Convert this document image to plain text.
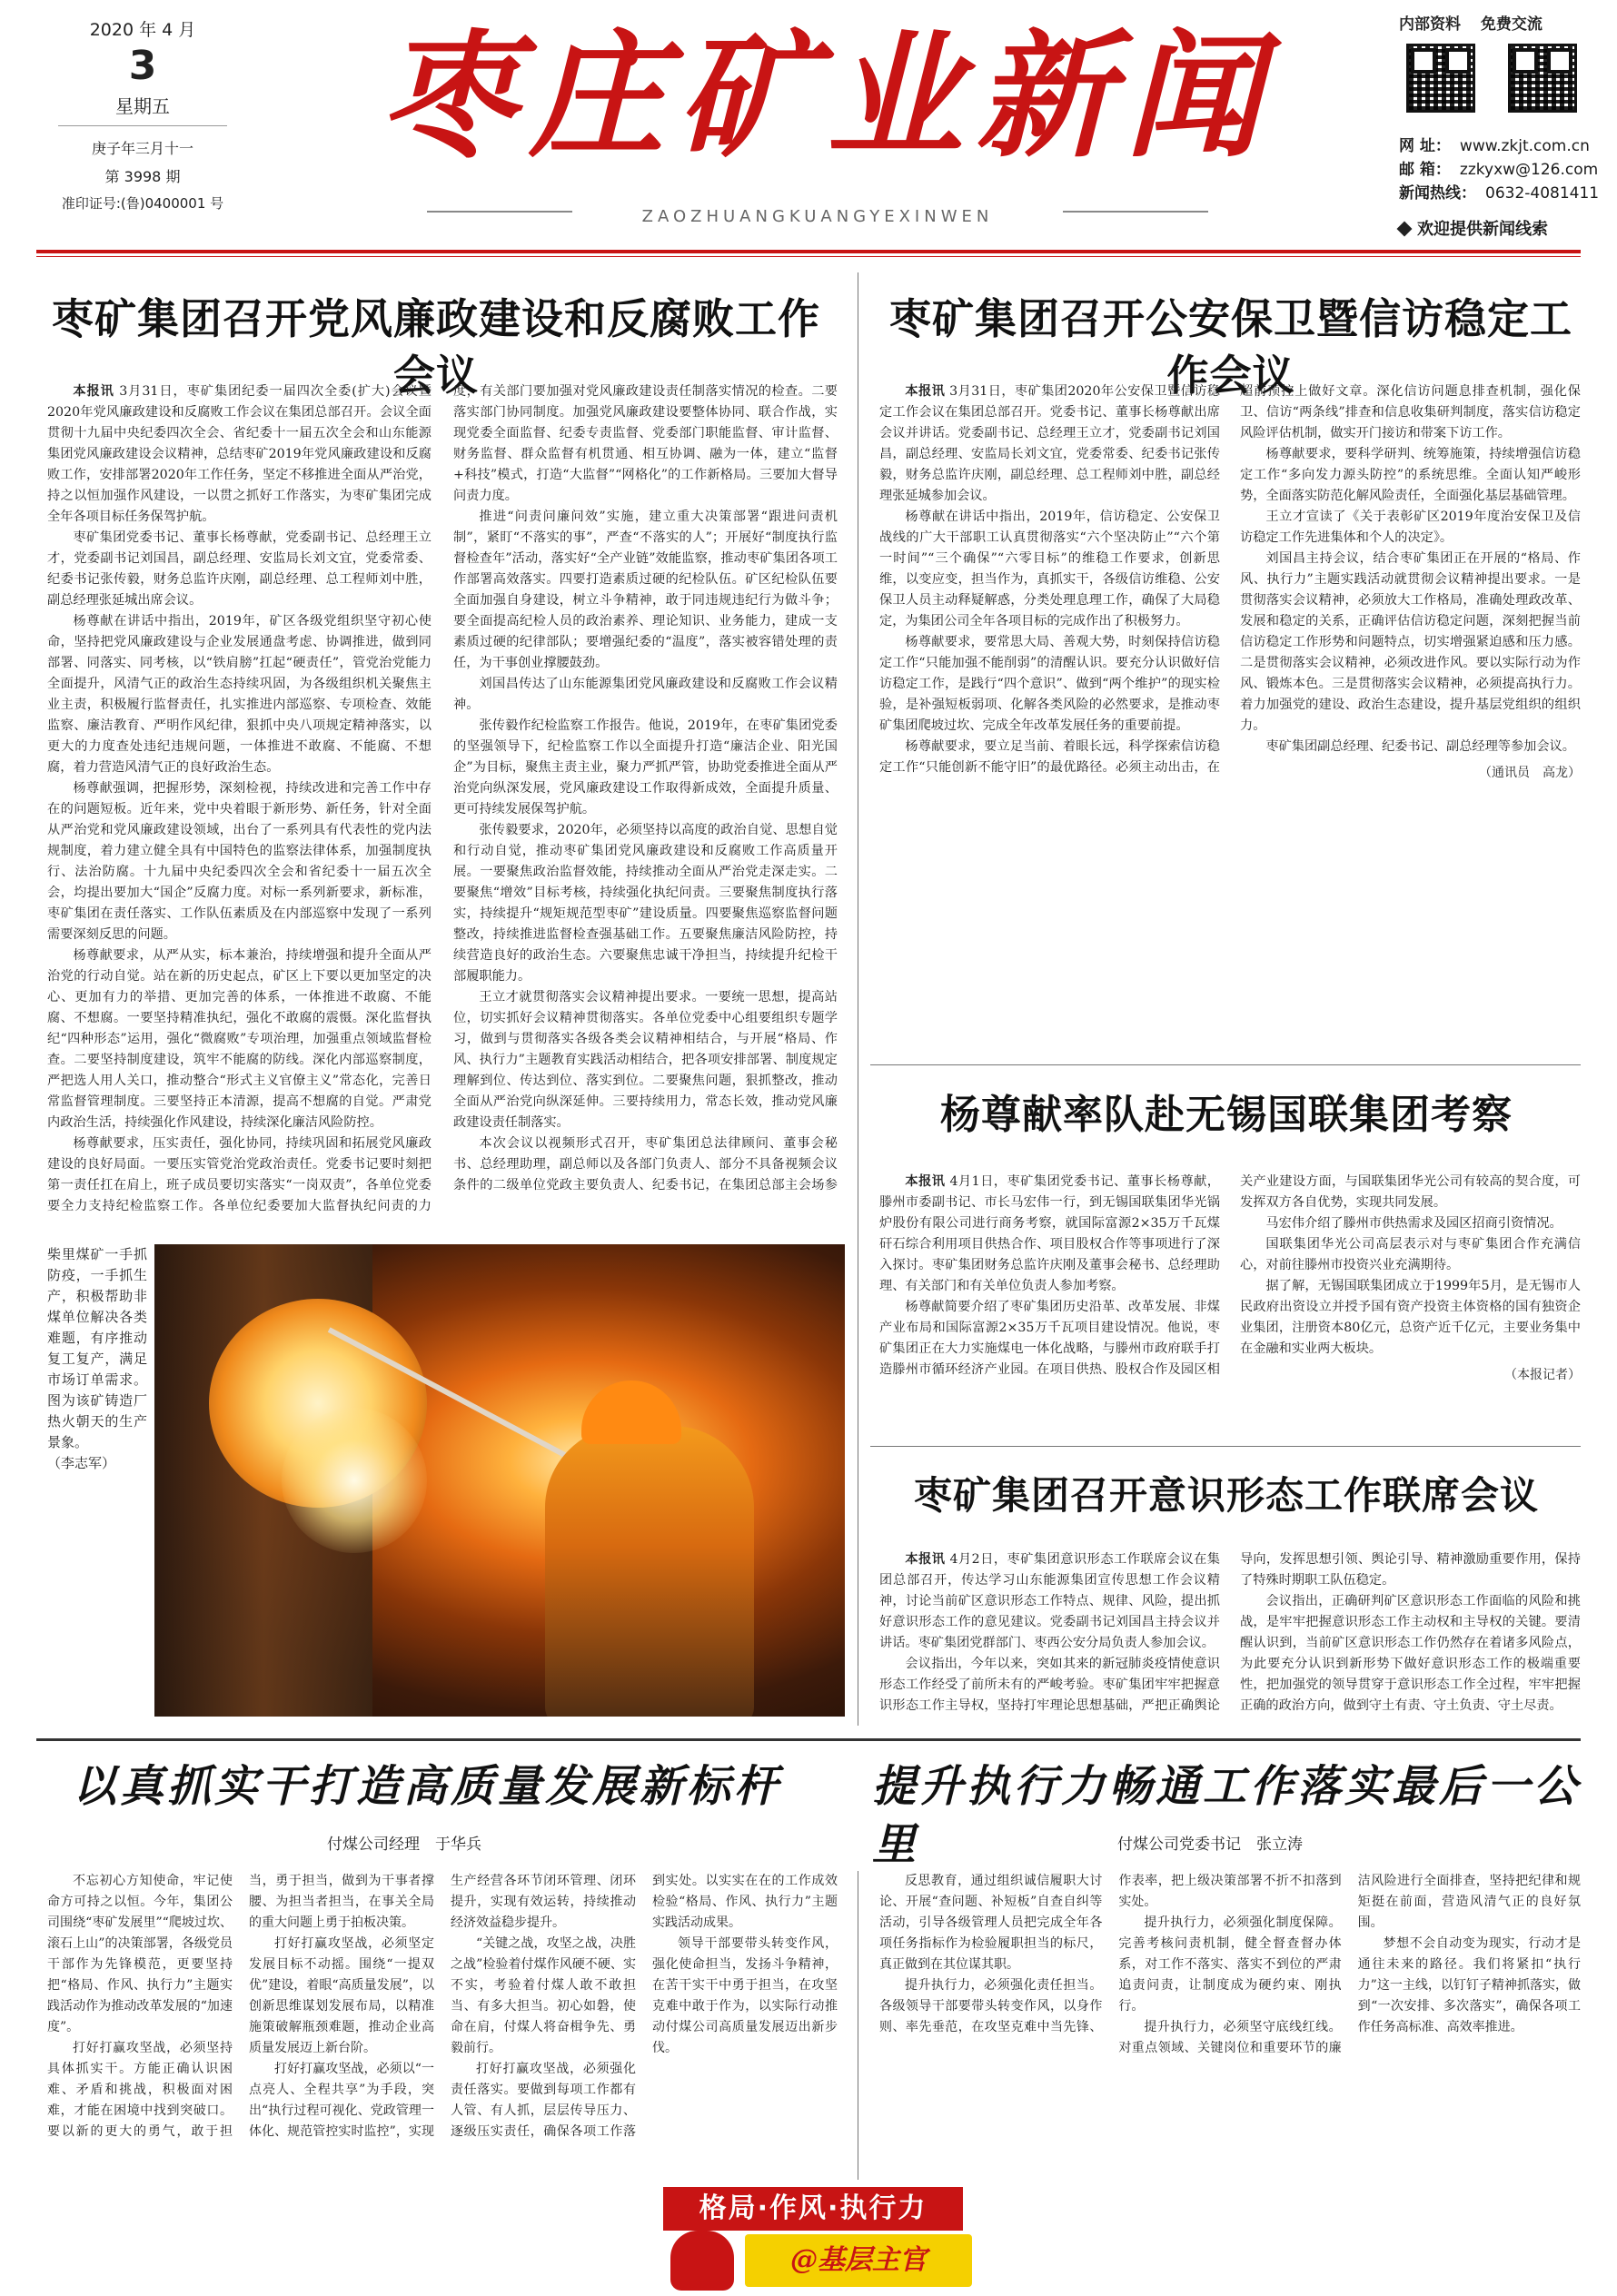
2020 年 4 月
3
星期五
庚子年三月十一
第 3998 期
准印证号:(鲁)0400001 号
枣庄矿业新闻
ZAOZHUANGKUANGYEXINWEN
内部资料 免费交流
网 址： www.zkjt.com.cn
邮 箱： zzkyxw@126.com
新闻热线： 0632-4081411
欢迎提供新闻线索
枣矿集团召开党风廉政建设和反腐败工作会议

本报讯 3月31日，枣矿集团纪委一届四次全委(扩大)会议暨2020年党风廉政建设和反腐败工作会议在集团总部召开。会议全面贯彻十九届中央纪委四次全会、省纪委十一届五次全会和山东能源集团党风廉政建设会议精神，总结枣矿2019年党风廉政建设和反腐败工作，安排部署2020年工作任务，坚定不移推进全面从严治党，持之以恒加强作风建设，一以贯之抓好工作落实，为枣矿集团完成全年各项目标任务保驾护航。

枣矿集团党委书记、董事长杨尊献，党委副书记、总经理王立才，党委副书记刘国昌，副总经理、安监局长刘文宜，党委常委、纪委书记张传毅，财务总监许庆刚，副总经理、总工程师刘中胜，副总经理张延城出席会议。

杨尊献在讲话中指出，2019年，矿区各级党组织坚守初心使命，坚持把党风廉政建设与企业发展通盘考虑、协调推进，做到同部署、同落实、同考核，以“铁肩膀”扛起“硬责任”，管党治党能力全面提升，风清气正的政治生态持续巩固，为各级组织机关聚焦主业主责，积极履行监督责任，扎实推进内部巡察、专项检查、效能监察、廉洁教育、严明作风纪律，狠抓中央八项规定精神落实，以更大的力度查处违纪违规问题，一体推进不敢腐、不能腐、不想腐，着力营造风清气正的良好政治生态。

杨尊献强调，把握形势，深刻检视，持续改进和完善工作中存在的问题短板。近年来，党中央着眼于新形势、新任务，针对全面从严治党和党风廉政建设领域，出台了一系列具有代表性的党内法规制度，着力建立健全具有中国特色的监察法律体系，加强制度执行、法治防腐。十九届中央纪委四次全会和省纪委十一届五次全会，均提出要加大“国企”反腐力度。对标一系列新要求，新标准，枣矿集团在责任落实、工作队伍素质及在内部巡察中发现了一系列需要深刻反思的问题。

杨尊献要求，从严从实，标本兼治，持续增强和提升全面从严治党的行动自觉。站在新的历史起点，矿区上下要以更加坚定的决心、更加有力的举措、更加完善的体系，一体推进不敢腐、不能腐、不想腐。一要坚持精准执纪，强化不敢腐的震慑。深化监督执纪“四种形态”运用，强化“微腐败”专项治理，加强重点领域监督检查。二要坚持制度建设，筑牢不能腐的防线。深化内部巡察制度，严把选人用人关口，推动整合“形式主义官僚主义”常态化，完善日常监督管理制度。三要坚持正本清源，提高不想腐的自觉。严肃党内政治生活，持续强化作风建设，持续深化廉洁风险防控。

杨尊献要求，压实责任，强化协同，持续巩固和拓展党风廉政建设的良好局面。一要压实管党治党政治责任。党委书记要时刻把第一责任扛在肩上，班子成员要切实落实“一岗双责”，各单位党委要全力支持纪检监察工作。各单位纪委要加大监督执纪问责的力度，有关部门要加强对党风廉政建设责任制落实情况的检查。二要落实部门协同制度。加强党风廉政建设要整体协同、联合作战，实现党委全面监督、纪委专责监督、党委部门职能监督、审计监督、财务监督、群众监督有机贯通、相互协调、融为一体，建立“监督+科技”模式，打造“大监督”“网格化”的工作新格局。三要加大督导问责力度。

推进“问责问廉问效”实施，建立重大决策部署“跟进问责机制”，紧盯“不落实的事”，严查“不落实的人”；开展好“制度执行监督检查年”活动，落实好“全产业链”效能监察，推动枣矿集团各项工作部署高效落实。四要打造素质过硬的纪检队伍。矿区纪检队伍要全面加强自身建设，树立斗争精神，敢于同违规违纪行为做斗争；要全面提高纪检人员的政治素养、理论知识、业务能力，建成一支素质过硬的纪律部队；要增强纪委的“温度”，落实被容错处理的责任，为干事创业撑腰鼓劲。

刘国昌传达了山东能源集团党风廉政建设和反腐败工作会议精神。

张传毅作纪检监察工作报告。他说，2019年，在枣矿集团党委的坚强领导下，纪检监察工作以全面提升打造“廉洁企业、阳光国企”为目标，聚焦主责主业，聚力严抓严管，协助党委推进全面从严治党向纵深发展，党风廉政建设工作取得新成效，全面提升质量、更可持续发展保驾护航。

张传毅要求，2020年，必须坚持以高度的政治自觉、思想自觉和行动自觉，推动枣矿集团党风廉政建设和反腐败工作高质量开展。一要聚焦政治监督效能，持续推动全面从严治党走深走实。二要聚焦“增效”目标考核，持续强化执纪问责。三要聚焦制度执行落实，持续提升“规矩规范型枣矿”建设质量。四要聚焦巡察监督问题整改，持续推进监督检查强基础工作。五要聚焦廉洁风险防控，持续营造良好的政治生态。六要聚焦忠诚干净担当，持续提升纪检干部履职能力。

王立才就贯彻落实会议精神提出要求。一要统一思想，提高站位，切实抓好会议精神贯彻落实。各单位党委中心组要组织专题学习，做到与贯彻落实各级各类会议精神相结合，与开展“格局、作风、执行力”主题教育实践活动相结合，把各项安排部署、制度规定理解到位、传达到位、落实到位。二要聚焦问题，狠抓整改，推动全面从严治党向纵深延伸。三要持续用力，常态长效，推动党风廉政建设责任制落实。

本次会议以视频形式召开，枣矿集团总法律顾问、董事会秘书、总经理助理，副总师以及各部门负责人、部分不具备视频会议条件的二级单位党政主要负责人、纪委书记，在集团总部主会场参

柴里煤矿一手抓防疫，一手抓生产，积极帮助非煤单位解决各类难题，有序推动复工复产，满足市场订单需求。图为该矿铸造厂热火朝天的生产景象。
（李志军）
枣矿集团召开公安保卫暨信访稳定工作会议

本报讯 3月31日，枣矿集团2020年公安保卫暨信访稳定工作会议在集团总部召开。党委书记、董事长杨尊献出席会议并讲话。党委副书记、总经理王立才，党委副书记刘国昌，副总经理、安监局长刘文宜，党委常委、纪委书记张传毅，财务总监许庆刚，副总经理、总工程师刘中胜，副总经理张延城参加会议。

杨尊献在讲话中指出，2019年，信访稳定、公安保卫战线的广大干部职工认真贯彻落实“六个坚决防止”“六个第一时间”“三个确保”“六零目标”的维稳工作要求，创新思维，以变应变，担当作为，真抓实干，各级信访维稳、公安保卫人员主动释疑解惑，分类处理息理工作，确保了大局稳定，为集团公司全年各项目标的完成作出了积极努力。

杨尊献要求，要常思大局、善观大势，时刻保持信访稳定工作“只能加强不能削弱”的清醒认识。要充分认识做好信访稳定工作，是践行“四个意识”、做到“两个维护”的现实检验，是补强短板弱项、化解各类风险的必然要求，是推动枣矿集团爬坡过坎、完成全年改革发展任务的重要前提。

杨尊献要求，要立足当前、着眼长远，科学探索信访稳定工作“只能创新不能守旧”的最优路径。必须主动出击，在超前预控上做好文章。深化信访问题息排查机制，强化保卫、信访“两条线”排查和信息收集研判制度，落实信访稳定风险评估机制，做实开门接访和带案下访工作。

杨尊献要求，要科学研判、统筹施策，持续增强信访稳定工作“多向发力源头防控”的系统思维。全面认知严峻形势，全面落实防范化解风险责任，全面强化基层基础管理。

王立才宣读了《关于表彰矿区2019年度治安保卫及信访稳定工作先进集体和个人的决定》。

刘国昌主持会议，结合枣矿集团正在开展的“格局、作风、执行力”主题实践活动就贯彻会议精神提出要求。一是贯彻落实会议精神，必须放大工作格局，准确处理政改革、发展和稳定的关系，正确评估信访稳定问题，深刻把握当前信访稳定工作形势和问题特点，切实增强紧迫感和压力感。二是贯彻落实会议精神，必须改进作风。要以实际行动为作风、锻炼本色。三是贯彻落实会议精神，必须提高执行力。着力加强党的建设、政治生态建设，提升基层党组织的组织力。

枣矿集团副总经理、纪委书记、副总经理等参加会议。

（通讯员　高龙）
杨尊献率队赴无锡国联集团考察

本报讯 4月1日，枣矿集团党委书记、董事长杨尊献，滕州市委副书记、市长马宏伟一行，到无锡国联集团华光锅炉股份有限公司进行商务考察，就国际富源2×35万千瓦煤矸石综合利用项目供热合作、项目股权合作等事项进行了深入探讨。枣矿集团财务总监许庆刚及董事会秘书、总经理助理、有关部门和有关单位负责人参加考察。

杨尊献简要介绍了枣矿集团历史沿革、改革发展、非煤产业布局和国际富源2×35万千瓦项目建设情况。他说，枣矿集团正在大力实施煤电一体化战略，与滕州市政府联手打造滕州市循环经济产业园。在项目供热、股权合作及园区相关产业建设方面，与国联集团华光公司有较高的契合度，可发挥双方各自优势，实现共同发展。

马宏伟介绍了滕州市供热需求及园区招商引资情况。

国联集团华光公司高层表示对与枣矿集团合作充满信心，对前往滕州市投资兴业充满期待。

据了解，无锡国联集团成立于1999年5月，是无锡市人民政府出资设立并授予国有资产投资主体资格的国有独资企业集团，注册资本80亿元，总资产近千亿元，主要业务集中在金融和实业两大板块。

（本报记者）
枣矿集团召开意识形态工作联席会议

本报讯 4月2日，枣矿集团意识形态工作联席会议在集团总部召开，传达学习山东能源集团宣传思想工作会议精神，讨论当前矿区意识形态工作特点、规律、风险，提出抓好意识形态工作的意见建议。党委副书记刘国昌主持会议并讲话。枣矿集团党群部门、枣西公安分局负责人参加会议。

会议指出，今年以来，突如其来的新冠肺炎疫情使意识形态工作经受了前所未有的严峻考验。枣矿集团牢牢把握意识形态工作主导权，坚持打牢理论思想基础，严把正确舆论导向，发挥思想引领、舆论引导、精神激励重要作用，保持了特殊时期职工队伍稳定。

会议指出，正确研判矿区意识形态工作面临的风险和挑战，是牢牢把握意识形态工作主动权和主导权的关键。要清醒认识到，当前矿区意识形态工作仍然存在着诸多风险点，为此要充分认识到新形势下做好意识形态工作的极端重要性，把加强党的领导贯穿于意识形态工作全过程，牢牢把握正确的政治方向，做到守土有责、守土负责、守土尽责。

以真抓实干打造高质量发展新标杆
付煤公司经理　于华兵
提升执行力畅通工作落实最后一公里	付煤公司党委书记　张立涛

不忘初心方知使命，牢记使命方可持之以恒。今年，集团公司围绕“枣矿发展里”“爬坡过坎、滚石上山”的决策部署，各级党员干部作为先锋模范，更要坚持把“格局、作风、执行力”主题实践活动作为推动改革发展的“加速度”。

打好打赢攻坚战，必须坚持具体抓实干。方能正确认识困难、矛盾和挑战，积极面对困难，才能在困境中找到突破口。要以新的更大的勇气，敢于担当，勇于担当，做到为干事者撑腰、为担当者担当，在事关全局的重大问题上勇于拍板决策。

打好打赢攻坚战，必须坚定发展目标不动摇。围绕“一提双优”建设，着眼“高质量发展”，以创新思维谋划发展布局，以精准施策破解瓶颈难题，推动企业高质量发展迈上新台阶。

打好打赢攻坚战，必须以“一点亮人、全程共享”为手段，突出“执行过程可视化、党政管理一体化、规范管控实时监控”，实现生产经营各环节闭环管理、闭环提升，实现有效运转，持续推动经济效益稳步提升。

“关键之战，攻坚之战，决胜之战”检验着付煤作风硬不硬、实不实，考验着付煤人敢不敢担当、有多大担当。初心如磐，使命在肩，付煤人将奋楫争先、勇毅前行。

打好打赢攻坚战，必须强化责任落实。要做到每项工作都有人管、有人抓，层层传导压力、逐级压实责任，确保各项工作落到实处。以实实在在的工作成效检验“格局、作风、执行力”主题实践活动成果。

领导干部要带头转变作风，强化使命担当，发扬斗争精神，在苦干实干中勇于担当，在攻坚克难中敢于作为，以实际行动推动付煤公司高质量发展迈出新步伐。

反思教育，通过组织诚信履职大讨论、开展“查问题、补短板”自查自纠等活动，引导各级管理人员把完成全年各项任务指标作为检验履职担当的标尺，真正做到在其位谋其职。

提升执行力，必须强化责任担当。各级领导干部要带头转变作风，以身作则、率先垂范，在攻坚克难中当先锋、作表率，把上级决策部署不折不扣落到实处。

提升执行力，必须强化制度保障。完善考核问责机制，健全督查督办体系，对工作不落实、落实不到位的严肃追责问责，让制度成为硬约束、刚执行。

提升执行力，必须坚守底线红线。对重点领域、关键岗位和重要环节的廉洁风险进行全面排查，坚持把纪律和规矩挺在前面，营造风清气正的良好氛围。

梦想不会自动变为现实，行动才是通往未来的路径。我们将紧扣“执行力”这一主线，以钉钉子精神抓落实，做到“一次安排、多次落实”，确保各项工作任务高标准、高效率推进。

格局·作风·执行力
@基层主官
